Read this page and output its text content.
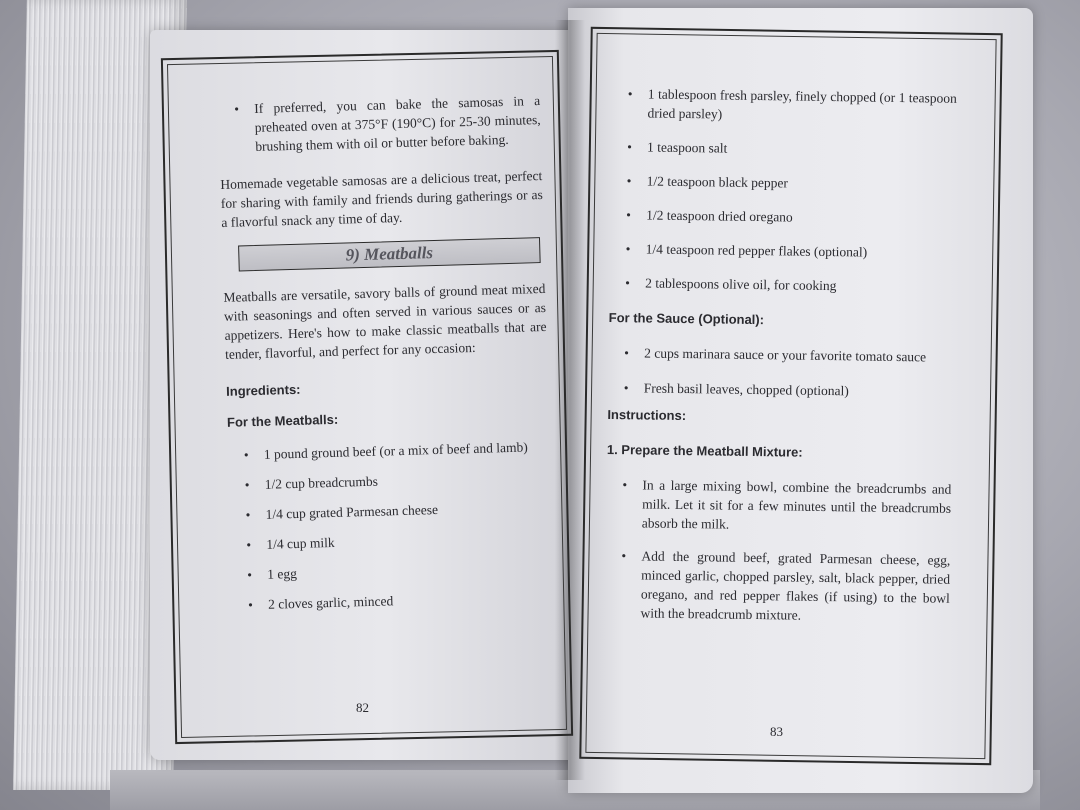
• If preferred, you can bake the samosas in a preheated oven at 375°F (190°C) for 25-30 minutes, brushing them with oil or butter before baking.

Homemade vegetable samosas are a delicious treat, perfect for sharing with family and friends during gatherings or as a flavorful snack any time of day.

9) Meatballs

Meatballs are versatile, savory balls of ground meat mixed with seasonings and often served in various sauces or as appetizers. Here's how to make classic meatballs that are tender, flavorful, and perfect for any occasion:

Ingredients:
For the Meatballs:
• 1 pound ground beef (or a mix of beef and lamb)
• 1/2 cup breadcrumbs
• 1/4 cup grated Parmesan cheese
• 1/4 cup milk
• 1 egg
• 2 cloves garlic, minced
82
• 1 tablespoon fresh parsley, finely chopped (or 1 teaspoon dried parsley)
• 1 teaspoon salt
• 1/2 teaspoon black pepper
• 1/2 teaspoon dried oregano
• 1/4 teaspoon red pepper flakes (optional)
• 2 tablespoons olive oil, for cooking
For the Sauce (Optional):
• 2 cups marinara sauce or your favorite tomato sauce
• Fresh basil leaves, chopped (optional)
Instructions:
1. Prepare the Meatball Mixture:
• In a large mixing bowl, combine the breadcrumbs and milk. Let it sit for a few minutes until the breadcrumbs absorb the milk.
• Add the ground beef, grated Parmesan cheese, egg, minced garlic, chopped parsley, salt, black pepper, dried oregano, and red pepper flakes (if using) to the bowl with the breadcrumb mixture.
83
